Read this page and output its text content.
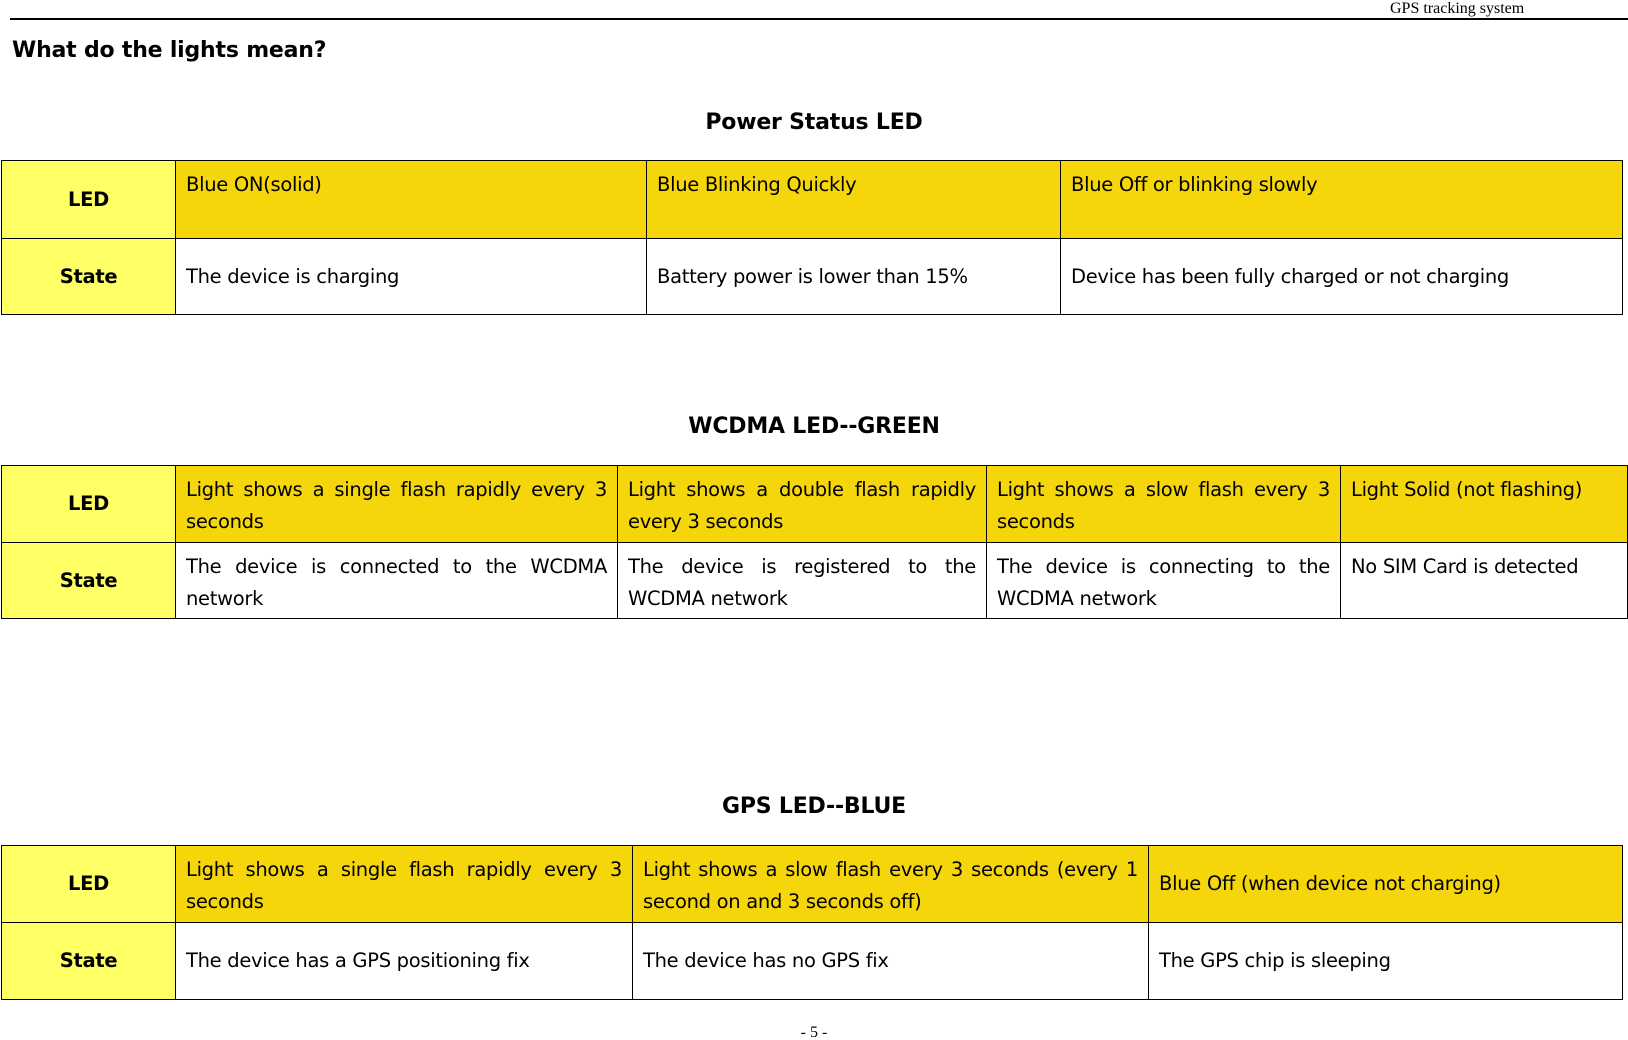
GPS tracking system
What do the lights mean?
Power Status LED
LED	Blue ON(solid)	Blue Blinking Quickly	Blue Off or blinking slowly
State	The device is charging	Battery power is lower than 15%	Device has been fully charged or not charging
WCDMA LED--GREEN
LED	Light shows a single flash rapidly every 3 seconds	Light shows a double flash rapidly every 3 seconds	Light shows a slow flash every 3 seconds	Light Solid (not flashing)
State	The device is connected to the WCDMA network	The device is registered to the WCDMA network	The device is connecting to the WCDMA network	No SIM Card is detected
GPS LED--BLUE
LED	Light shows a single flash rapidly every 3 seconds	Light shows a slow flash every 3 seconds (every 1 second on and 3 seconds off)	Blue Off (when device not charging)
State	The device has a GPS positioning fix	The device has no GPS fix	The GPS chip is sleeping
- 5 -
